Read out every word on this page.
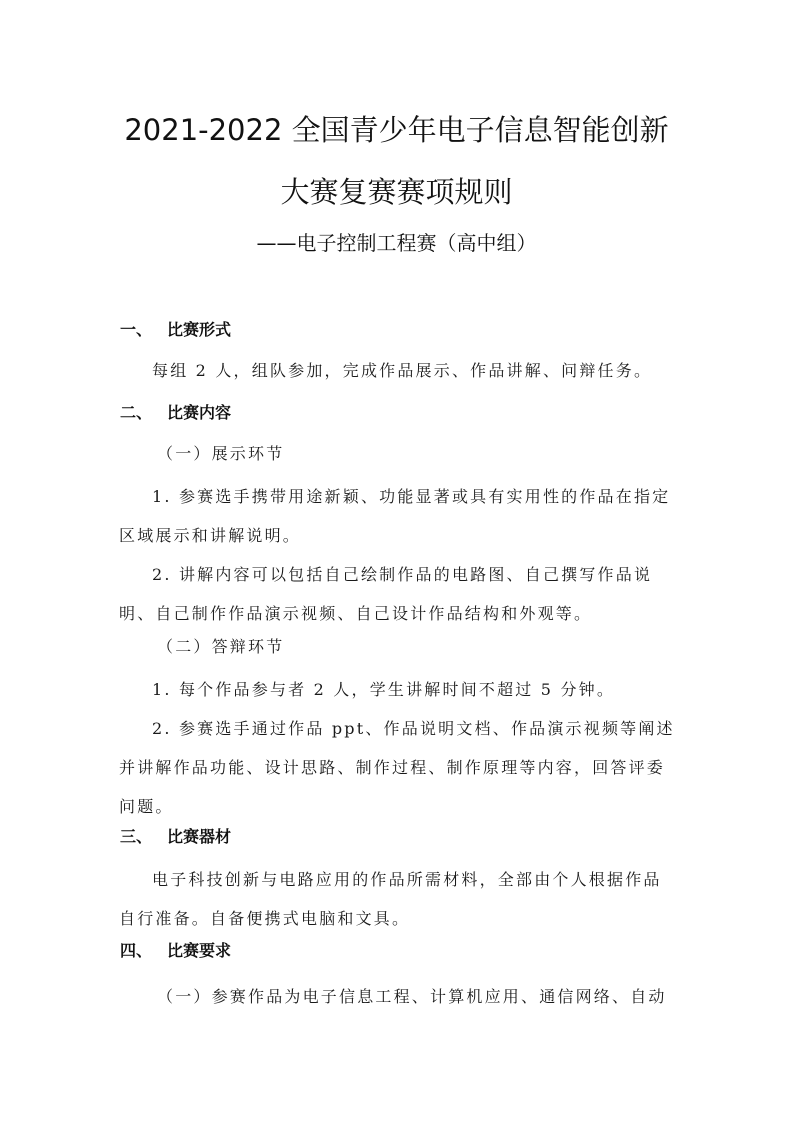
2021-2022 全国青少年电子信息智能创新
大赛复赛赛项规则
——电子控制工程赛（高中组）
一、 比赛形式
每组 2 人，组队参加，完成作品展示、作品讲解、问辩任务。
二、 比赛内容
（一）展示环节
1. 参赛选手携带用途新颖、功能显著或具有实用性的作品在指定
区域展示和讲解说明。
2. 讲解内容可以包括自己绘制作品的电路图、自己撰写作品说
明、自己制作作品演示视频、自己设计作品结构和外观等。
（二）答辩环节
1. 每个作品参与者 2 人，学生讲解时间不超过 5 分钟。
2. 参赛选手通过作品 ppt、作品说明文档、作品演示视频等阐述
并讲解作品功能、设计思路、制作过程、制作原理等内容，回答评委
问题。
三、 比赛器材
电子科技创新与电路应用的作品所需材料，全部由个人根据作品
自行准备。自备便携式电脑和文具。
四、 比赛要求
（一）参赛作品为电子信息工程、计算机应用、通信网络、自动
